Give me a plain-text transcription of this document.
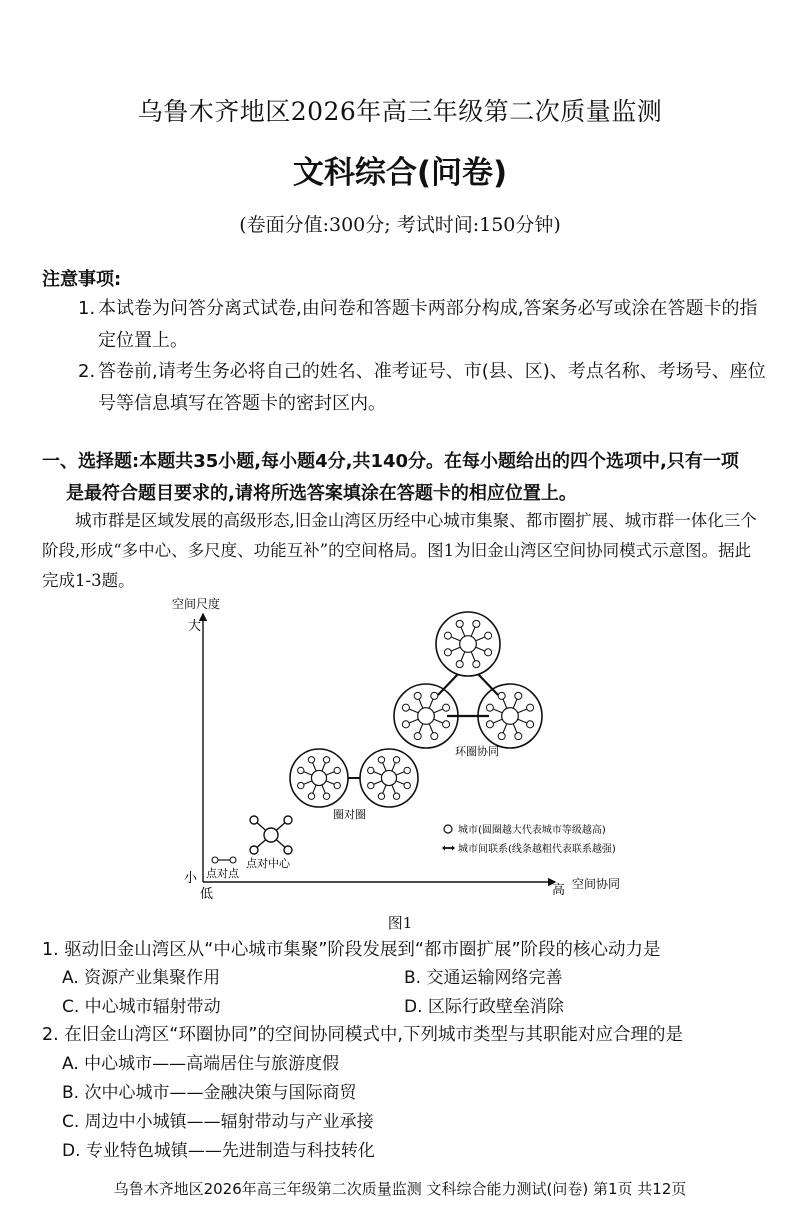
乌鲁木齐地区2026年高三年级第二次质量监测
文科综合(问卷)
(卷面分值:300分; 考试时间:150分钟)
注意事项:
1. 本试卷为问答分离式试卷,由问卷和答题卡两部分构成,答案务必写或涂在答题卡的指定位置上。
2. 答卷前,请考生务必将自己的姓名、准考证号、市(县、区)、考点名称、考场号、座位号等信息填写在答题卡的密封区内。
一、选择题:本题共35小题,每小题4分,共140分。在每小题给出的四个选项中,只有一项
是最符合题目要求的,请将所选答案填涂在答题卡的相应位置上。
城市群是区域发展的高级形态,旧金山湾区历经中心城市集聚、都市圈扩展、城市群一体化三个阶段,形成“多中心、多尺度、功能互补”的空间格局。图1为旧金山湾区空间协同模式示意图。据此完成1-3题。
空间尺度
大
小
低	高 空间协同
点对点
点对中心
圈对圈
环圈协同
城市(圆圈越大代表城市等级越高)
城市间联系(线条越粗代表联系越强)
图1
1. 驱动旧金山湾区从“中心城市集聚”阶段发展到“都市圈扩展”阶段的核心动力是
A. 资源产业集聚作用	B. 交通运输网络完善
C. 中心城市辐射带动	D. 区际行政壁垒消除
2. 在旧金山湾区“环圈协同”的空间协同模式中,下列城市类型与其职能对应合理的是
A. 中心城市——高端居住与旅游度假
B. 次中心城市——金融决策与国际商贸
C. 周边中小城镇——辐射带动与产业承接
D. 专业特色城镇——先进制造与科技转化
乌鲁木齐地区2026年高三年级第二次质量监测 文科综合能力测试(问卷) 第1页 共12页
